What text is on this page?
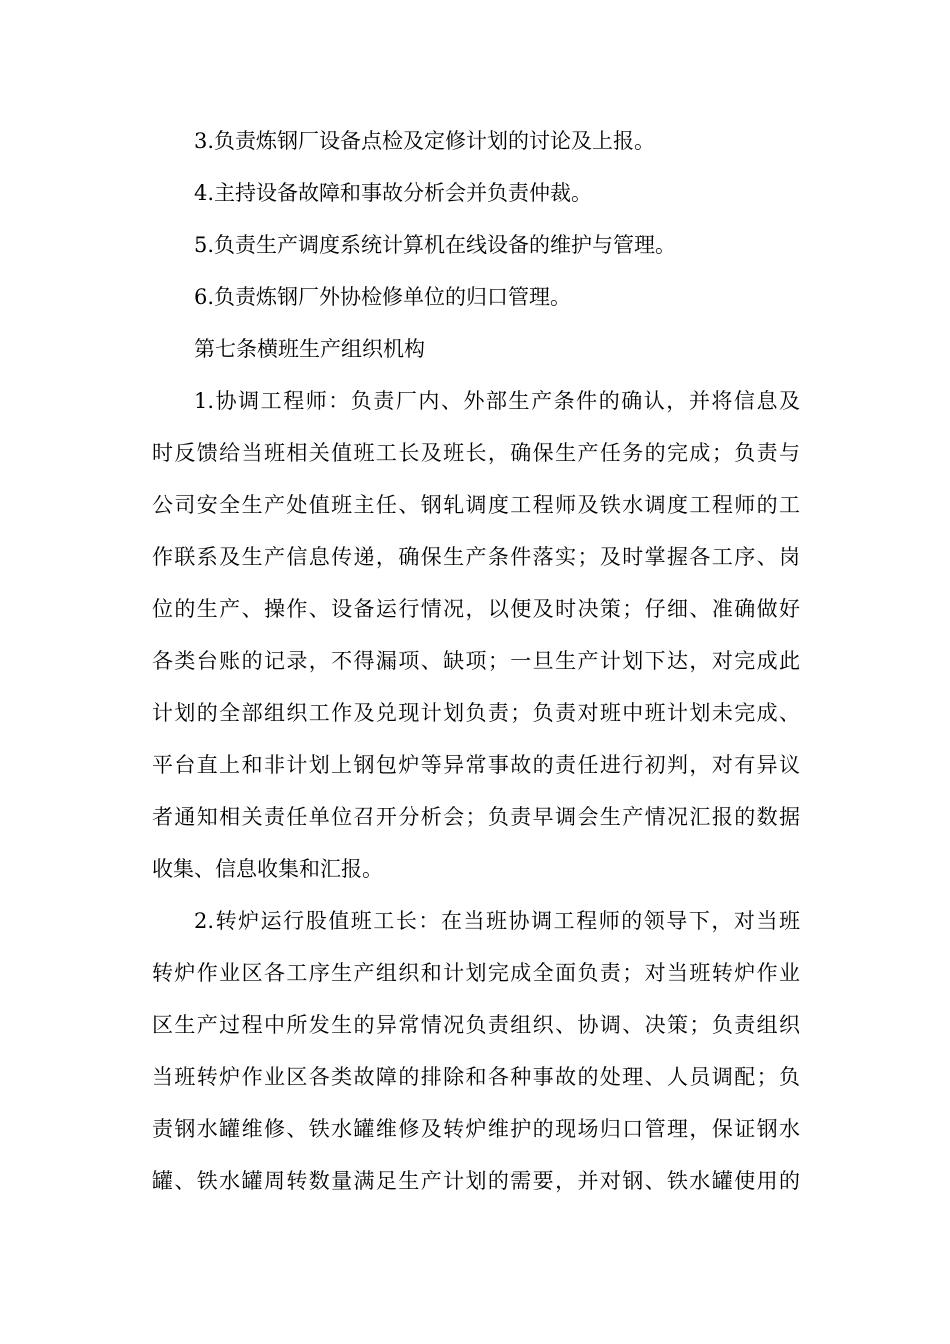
3.负责炼钢厂设备点检及定修计划的讨论及上报。
4.主持设备故障和事故分析会并负责仲裁。
5.负责生产调度系统计算机在线设备的维护与管理。
6.负责炼钢厂外协检修单位的归口管理。
第七条横班生产组织机构
1.协调工程师：负责厂内、外部生产条件的确认，并将信息及
时反馈给当班相关值班工长及班长，确保生产任务的完成；负责与
公司安全生产处值班主任、钢轧调度工程师及铁水调度工程师的工
作联系及生产信息传递，确保生产条件落实；及时掌握各工序、岗
位的生产、操作、设备运行情况，以便及时决策；仔细、准确做好
各类台账的记录，不得漏项、缺项；一旦生产计划下达，对完成此
计划的全部组织工作及兑现计划负责；负责对班中班计划未完成、
平台直上和非计划上钢包炉等异常事故的责任进行初判，对有异议
者通知相关责任单位召开分析会；负责早调会生产情况汇报的数据
收集、信息收集和汇报。
2.转炉运行股值班工长：在当班协调工程师的领导下，对当班
转炉作业区各工序生产组织和计划完成全面负责；对当班转炉作业
区生产过程中所发生的异常情况负责组织、协调、决策；负责组织
当班转炉作业区各类故障的排除和各种事故的处理、人员调配；负
责钢水罐维修、铁水罐维修及转炉维护的现场归口管理，保证钢水
罐、铁水罐周转数量满足生产计划的需要，并对钢、铁水罐使用的
